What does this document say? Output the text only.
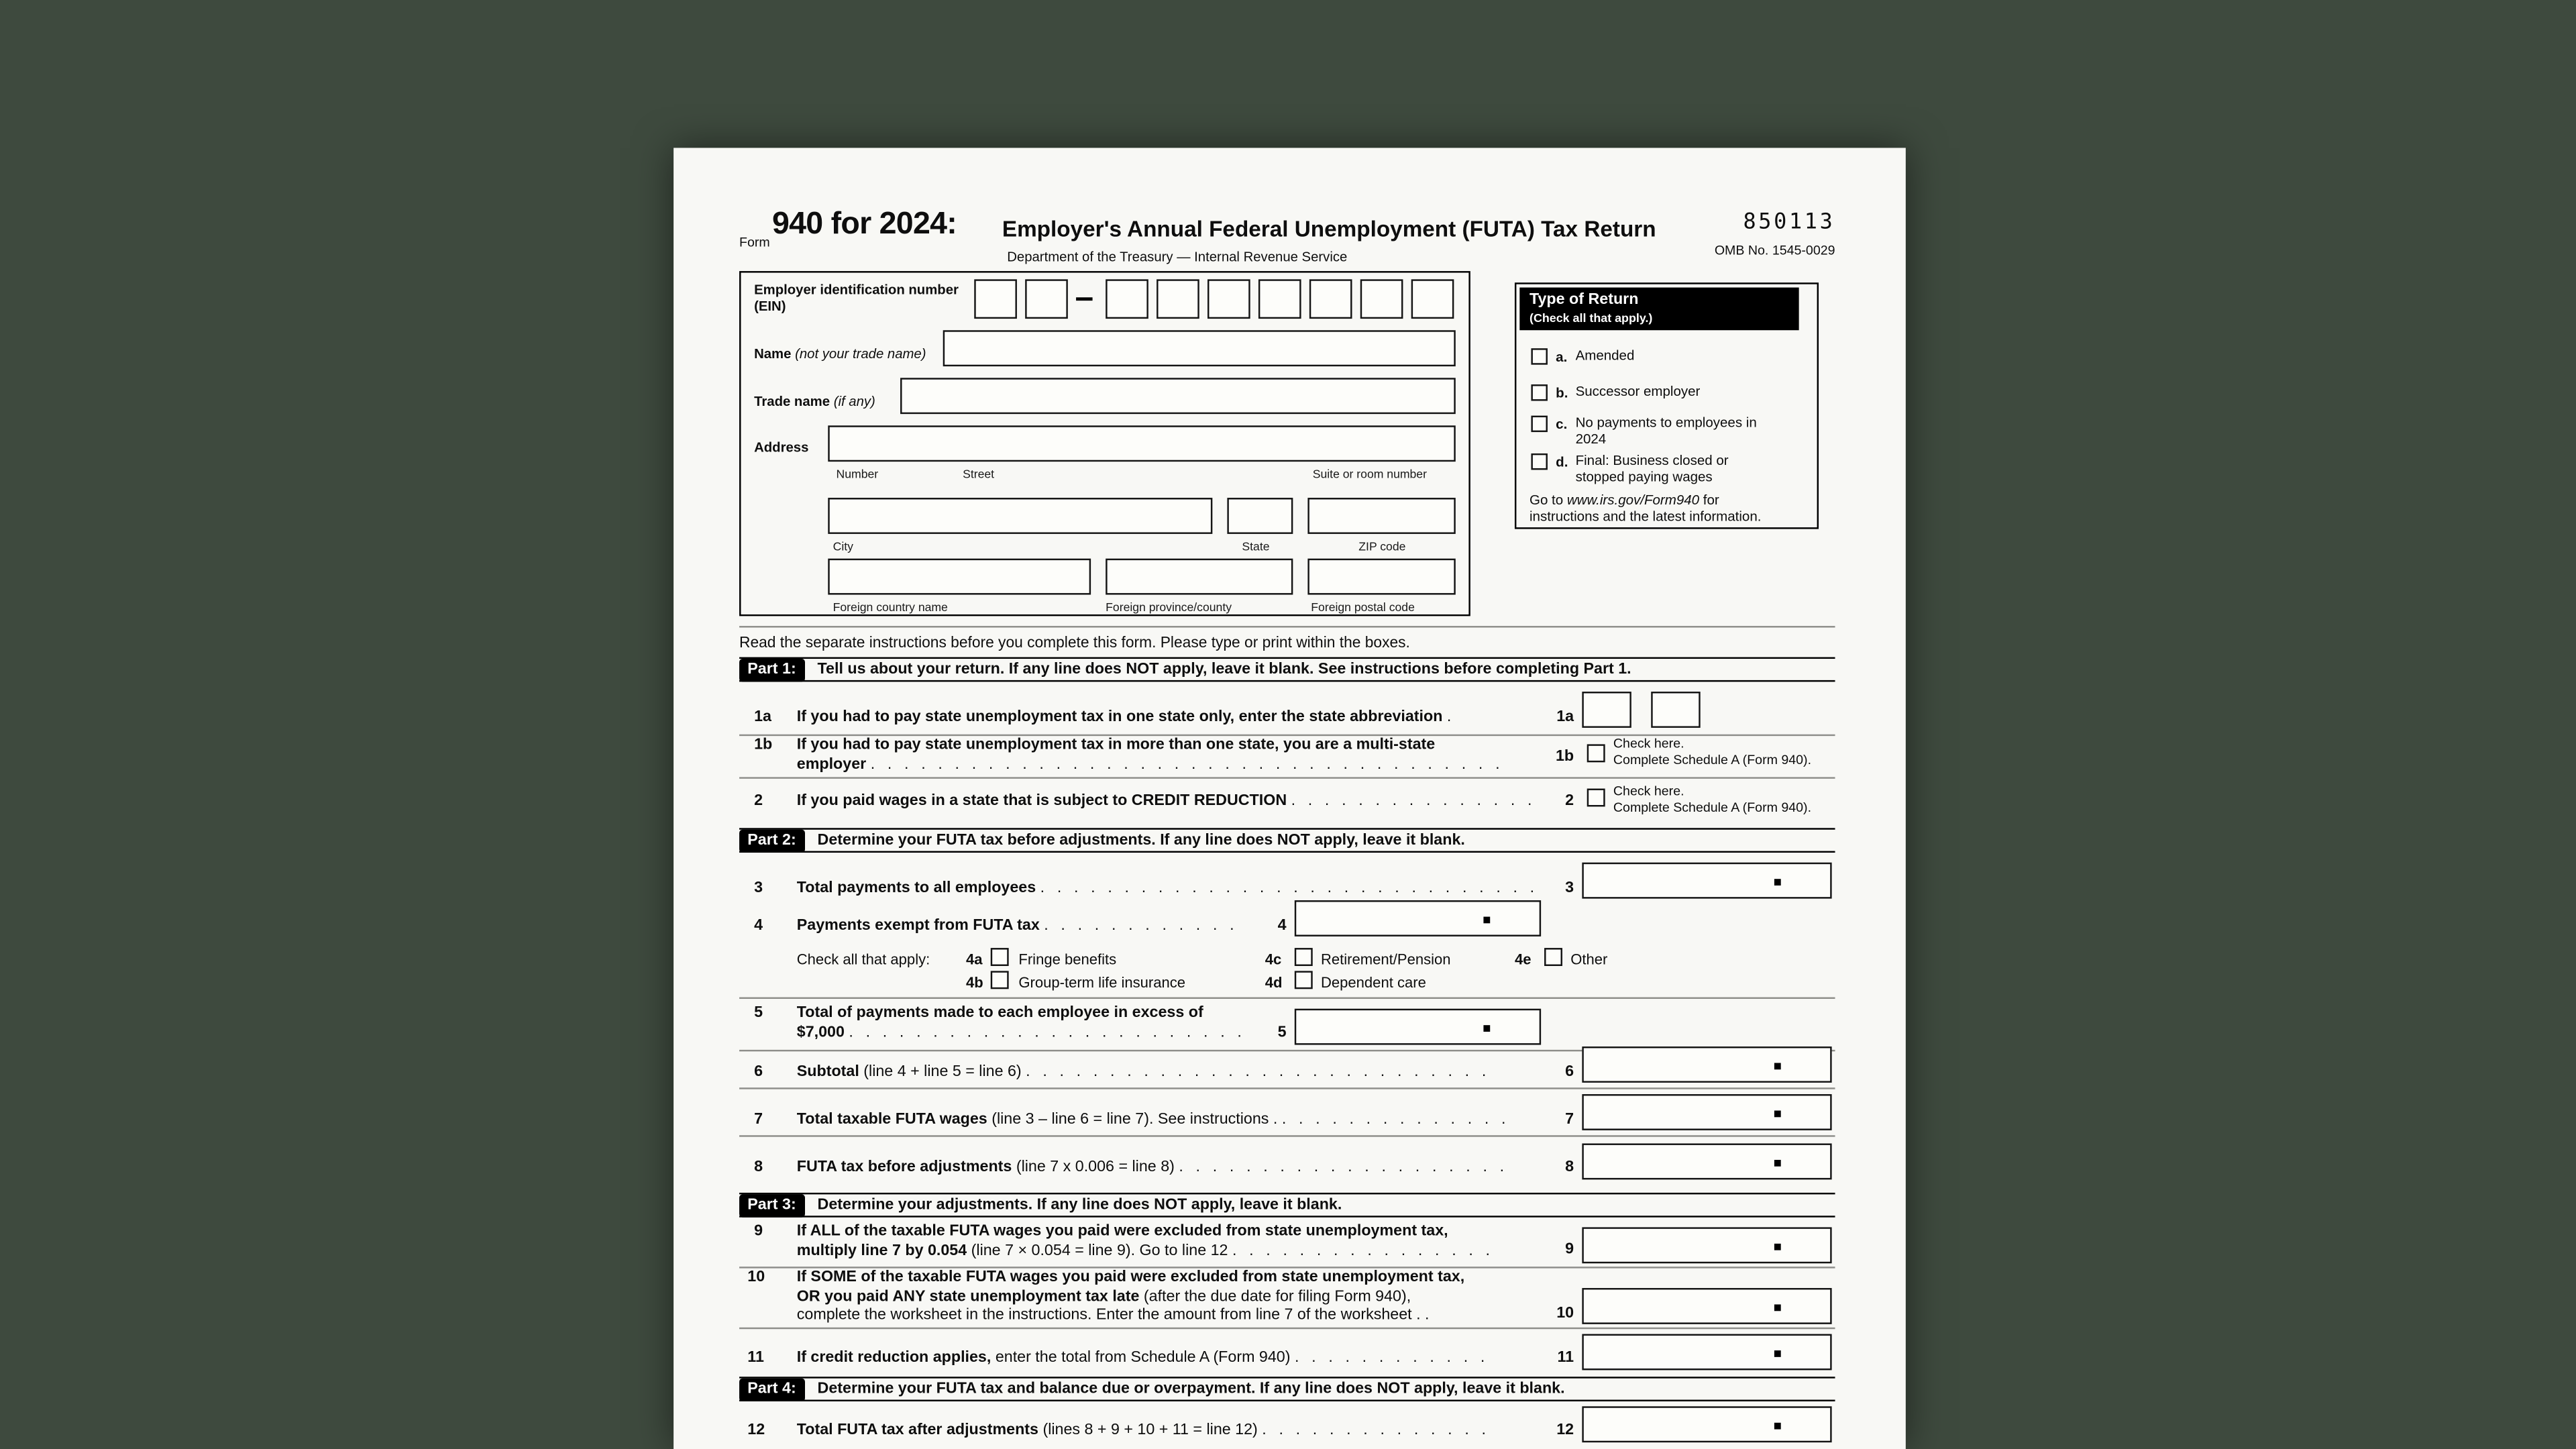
Form
940 for 2024:	Employer's Annual Federal Unemployment (FUTA) Tax Return
Department of the Treasury — Internal Revenue Service
850113
OMB No. 1545-0029
Employer identification number
(EIN)
Name (not your trade name)
Trade name (if any)
Address
Number	Street	Suite or room number
City	State	ZIP code
Foreign country name	Foreign province/county	Foreign postal code
Type of Return
(Check all that apply.)
a. Amended
b. Successor employer
c. No payments to employees in
2024
d. Final: Business closed or
stopped paying wages
Go to www.irs.gov/Form940 for
instructions and the latest information.
Read the separate instructions before you complete this form. Please type or print within the boxes.
Part 1:	Tell us about your return. If any line does NOT apply, leave it blank. See instructions before completing Part 1.
1a	If you had to pay state unemployment tax in one state only, enter the state abbreviation .	1a
1b	If you had to pay state unemployment tax in more than one state, you are a multi-state
employer . . . . . . . . . . . . . . . . . . . . . . . . . . . . . . . . . . . . . .	1b
Check here.
Complete Schedule A (Form 940).
2	If you paid wages in a state that is subject to CREDIT REDUCTION . . . . . . . . . . . . . . .	2
Check here.
Complete Schedule A (Form 940).
Part 2:	Determine your FUTA tax before adjustments. If any line does NOT apply, leave it blank.
3	Total payments to all employees . . . . . . . . . . . . . . . . . . . . . . . . . . . . . .	3
4	Payments exempt from FUTA tax . . . . . . . . . . . .	4
Check all that apply:	4a	Fringe benefits	4c	Retirement/Pension	4e	Other
4b	Group-term life insurance	4d	Dependent care
5	Total of payments made to each employee in excess of
$7,000 . . . . . . . . . . . . . . . . . . . . . . . .	5
6	Subtotal (line 4 + line 5 = line 6) . . . . . . . . . . . . . . . . . . . . . . . . . . . .	6
7	Total taxable FUTA wages (line 3 – line 6 = line 7). See instructions . . . . . . . . . . . . . . .	7
8	FUTA tax before adjustments (line 7 x 0.006 = line 8) . . . . . . . . . . . . . . . . . . . .	8
Part 3:	Determine your adjustments. If any line does NOT apply, leave it blank.
9	If ALL of the taxable FUTA wages you paid were excluded from state unemployment tax,
multiply line 7 by 0.054 (line 7 × 0.054 = line 9). Go to line 12 . . . . . . . . . . . . . . . .	9
10	If SOME of the taxable FUTA wages you paid were excluded from state unemployment tax,
OR you paid ANY state unemployment tax late (after the due date for filing Form 940),
complete the worksheet in the instructions. Enter the amount from line 7 of the worksheet . .	10
11	If credit reduction applies, enter the total from Schedule A (Form 940) . . . . . . . . . . . .	11
Part 4:	Determine your FUTA tax and balance due or overpayment. If any line does NOT apply, leave it blank.
12	Total FUTA tax after adjustments (lines 8 + 9 + 10 + 11 = line 12) . . . . . . . . . . . . . .	12
